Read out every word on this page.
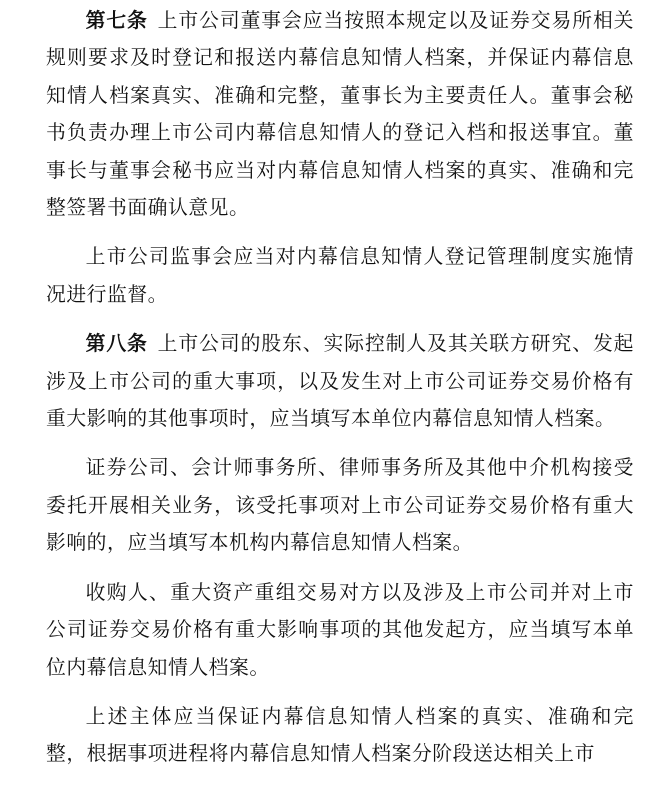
第七条 上市公司董事会应当按照本规定以及证券交易所相关规则要求及时登记和报送内幕信息知情人档案，并保证内幕信息知情人档案真实、准确和完整，董事长为主要责任人。董事会秘书负责办理上市公司内幕信息知情人的登记入档和报送事宜。董事长与董事会秘书应当对内幕信息知情人档案的真实、准确和完整签署书面确认意见。

上市公司监事会应当对内幕信息知情人登记管理制度实施情况进行监督。

第八条 上市公司的股东、实际控制人及其关联方研究、发起涉及上市公司的重大事项，以及发生对上市公司证券交易价格有重大影响的其他事项时，应当填写本单位内幕信息知情人档案。

证券公司、会计师事务所、律师事务所及其他中介机构接受委托开展相关业务，该受托事项对上市公司证券交易价格有重大影响的，应当填写本机构内幕信息知情人档案。

收购人、重大资产重组交易对方以及涉及上市公司并对上市公司证券交易价格有重大影响事项的其他发起方，应当填写本单位内幕信息知情人档案。

上述主体应当保证内幕信息知情人档案的真实、准确和完整，根据事项进程将内幕信息知情人档案分阶段送达相关上市
